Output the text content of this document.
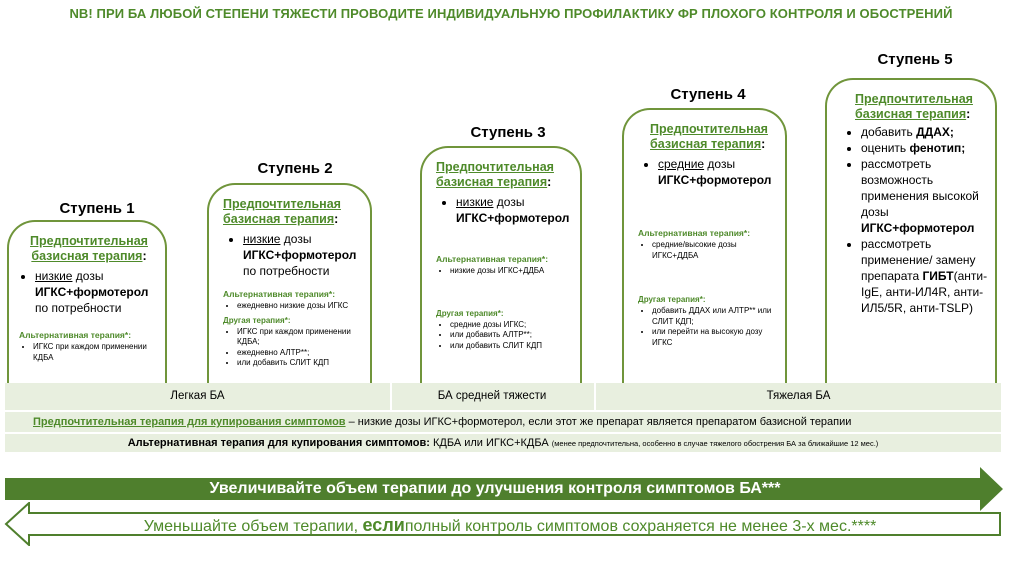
NB! ПРИ БА ЛЮБОЙ СТЕПЕНИ ТЯЖЕСТИ ПРОВОДИТЕ ИНДИВИДУАЛЬНУЮ ПРОФИЛАКТИКУ ФР ПЛОХОГО КОНТРОЛЯ И ОБОСТРЕНИЙ
Ступень 1
Ступень 2
Ступень 3
Ступень 4
Ступень 5
Предпочтительная
базисная терапия:
• низкие дозы
ИГКС+формотерол
по потребности
Альтернативная терапия*:
• ИГКС при каждом применении КДБА
Предпочтительная
базисная терапия:
• низкие дозы
ИГКС+формотерол
по потребности
Альтернативная терапия*:
• ежедневно низкие дозы ИГКС
Другая терапия*:
• ИГКС при каждом применении КДБА;
• ежедневно АЛТР**;
• или добавить СЛИТ КДП
Предпочтительная
базисная терапия:
• низкие дозы
ИГКС+формотерол
Альтернативная терапия*:
• низкие дозы ИГКС+ДДБА
Другая терапия*:
• средние дозы ИГКС;
• или добавить АЛТР**;
• или добавить СЛИТ КДП
Предпочтительная
базисная терапия:
• средние дозы
ИГКС+формотерол
Альтернативная терапия*:
• средние/высокие дозы ИГКС+ДДБА
Другая терапия*:
• добавить ДДАХ или АЛТР** или СЛИТ КДП;
• или перейти на высокую дозу ИГКС
Предпочтительная
базисная терапия:
• добавить ДДАХ;
• оценить фенотип;
• рассмотреть возможность применения высокой дозы ИГКС+формотерол
• рассмотреть применение/ замену препарата ГИБТ(анти-IgE, анти-ИЛ4R, анти-ИЛ5/5R, анти-TSLP)
Легкая БА	БА средней тяжести	Тяжелая БА
Предпочтительная терапия для купирования симптомов – низкие дозы ИГКС+формотерол, если этот же препарат является препаратом базисной терапии
Альтернативная терапия для купирования симптомов: КДБА или ИГКС+КДБА (менее предпочтительна, особенно в случае тяжелого обострения БА за ближайшие 12 мес.)
Увеличивайте объем терапии до улучшения контроля симптомов БА***
Уменьшайте объем терапии, еслиполный контроль симптомов сохраняется не менее 3-х мес.****
